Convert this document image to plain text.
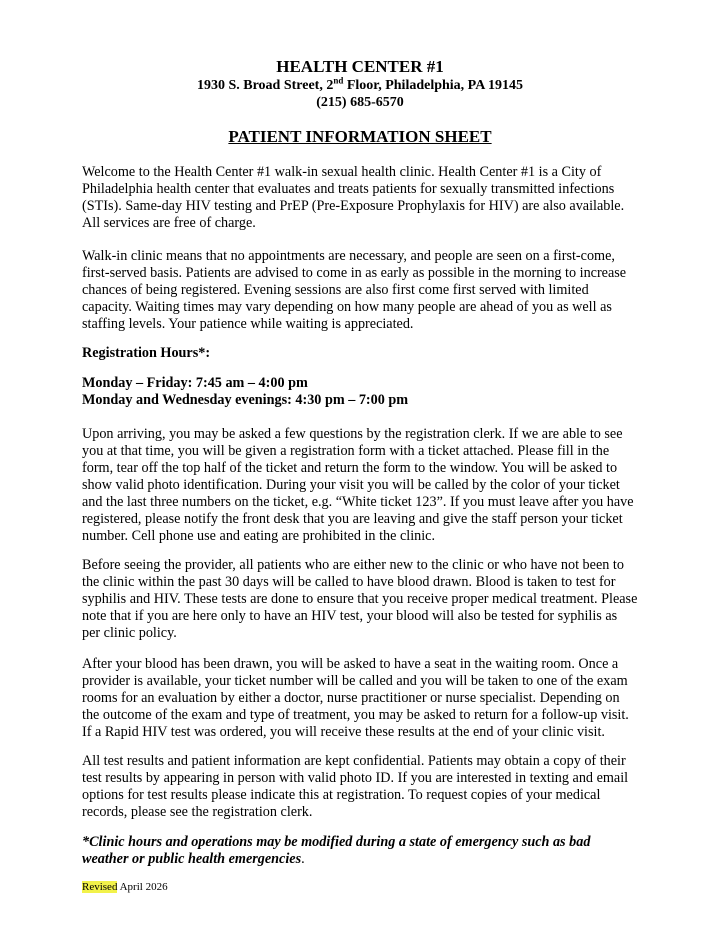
HEALTH CENTER #1
1930 S. Broad Street, 2nd Floor, Philadelphia, PA 19145
(215) 685-6570
PATIENT INFORMATION SHEET

Welcome to the Health Center #1 walk-in sexual health clinic. Health Center #1 is a City of Philadelphia health center that evaluates and treats patients for sexually transmitted infections (STIs). Same-day HIV testing and PrEP (Pre-Exposure Prophylaxis for HIV) are also available. All services are free of charge.

Walk-in clinic means that no appointments are necessary, and people are seen on a first-come, first-served basis. Patients are advised to come in as early as possible in the morning to increase chances of being registered. Evening sessions are also first come first served with limited capacity. Waiting times may vary depending on how many people are ahead of you as well as staffing levels. Your patience while waiting is appreciated.

Registration Hours*:

Monday – Friday: 7:45 am – 4:00 pm

Monday and Wednesday evenings: 4:30 pm – 7:00 pm

Upon arriving, you may be asked a few questions by the registration clerk. If we are able to see you at that time, you will be given a registration form with a ticket attached. Please fill in the form, tear off the top half of the ticket and return the form to the window. You will be asked to show valid photo identification. During your visit you will be called by the color of your ticket and the last three numbers on the ticket, e.g. “White ticket 123”. If you must leave after you have registered, please notify the front desk that you are leaving and give the staff person your ticket number. Cell phone use and eating are prohibited in the clinic.

Before seeing the provider, all patients who are either new to the clinic or who have not been to the clinic within the past 30 days will be called to have blood drawn. Blood is taken to test for syphilis and HIV. These tests are done to ensure that you receive proper medical treatment. Please note that if you are here only to have an HIV test, your blood will also be tested for syphilis as per clinic policy.

After your blood has been drawn, you will be asked to have a seat in the waiting room. Once a provider is available, your ticket number will be called and you will be taken to one of the exam rooms for an evaluation by either a doctor, nurse practitioner or nurse specialist. Depending on the outcome of the exam and type of treatment, you may be asked to return for a follow-up visit. If a Rapid HIV test was ordered, you will receive these results at the end of your clinic visit.

All test results and patient information are kept confidential. Patients may obtain a copy of their test results by appearing in person with valid photo ID. If you are interested in texting and email options for test results please indicate this at registration. To request copies of your medical records, please see the registration clerk.

*Clinic hours and operations may be modified during a state of emergency such as bad weather or public health emergencies.

Revised April 2026
